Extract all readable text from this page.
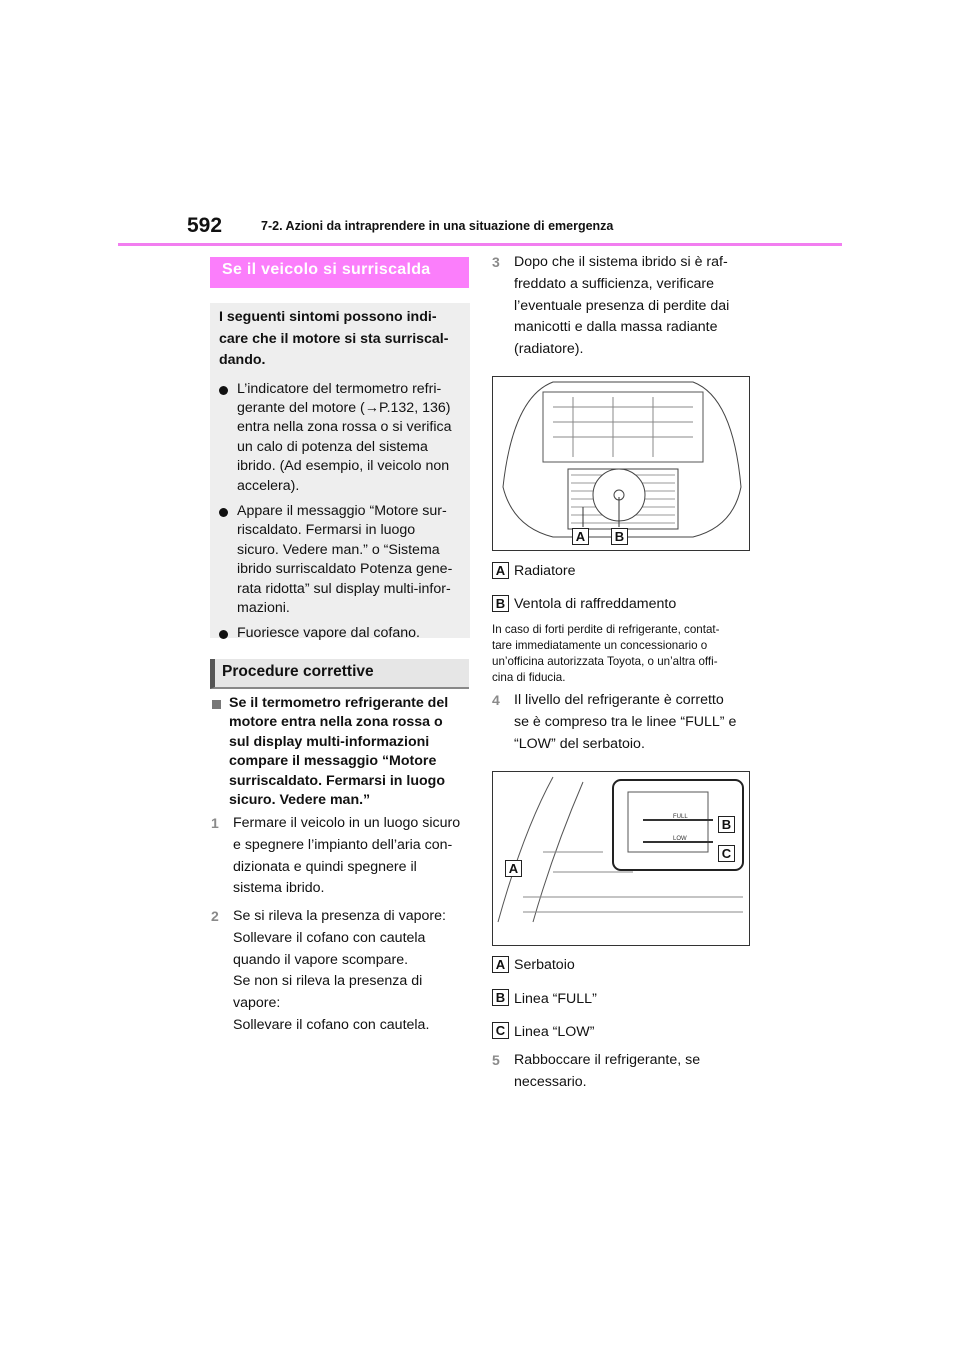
592	7-2. Azioni da intraprendere in una situazione di emergenza
Se il veicolo si surriscalda
I seguenti sintomi possono indi-
care che il motore si sta surriscal-
dando.
L’indicatore del termometro refri-
gerante del motore (→P.132, 136)
entra nella zona rossa o si verifica
un calo di potenza del sistema
ibrido. (Ad esempio, il veicolo non
accelera).
Appare il messaggio “Motore sur-
riscaldato. Fermarsi in luogo
sicuro. Vedere man.” o “Sistema
ibrido surriscaldato Potenza gene-
rata ridotta” sul display multi-infor-
mazioni.
Fuoriesce vapore dal cofano.
Procedure correttive
Se il termometro refrigerante del
motore entra nella zona rossa o
sul display multi-informazioni
compare il messaggio “Motore
surriscaldato. Fermarsi in luogo
sicuro. Vedere man.”
1 Fermare il veicolo in un luogo sicuro
e spegnere l’impianto dell’aria con-
dizionata e quindi spegnere il
sistema ibrido.
2 Se si rileva la presenza di vapore:
Sollevare il cofano con cautela
quando il vapore scompare.
Se non si rileva la presenza di
vapore:
Sollevare il cofano con cautela.
3 Dopo che il sistema ibrido si è raf-
freddato a sufficienza, verificare
l’eventuale presenza di perdite dai
manicotti e dalla massa radiante
(radiatore).
A B
A Radiatore
B Ventola di raffreddamento
In caso di forti perdite di refrigerante, contat-
tare immediatamente un concessionario o
un’officina autorizzata Toyota, o un’altra offi-
cina di fiducia.
4 Il livello del refrigerante è corretto
se è compreso tra le linee “FULL” e
“LOW” del serbatoio.
FULL
LOW
A
B
C
A Serbatoio
B Linea “FULL”
C Linea “LOW”
5 Rabboccare il refrigerante, se
necessario.
